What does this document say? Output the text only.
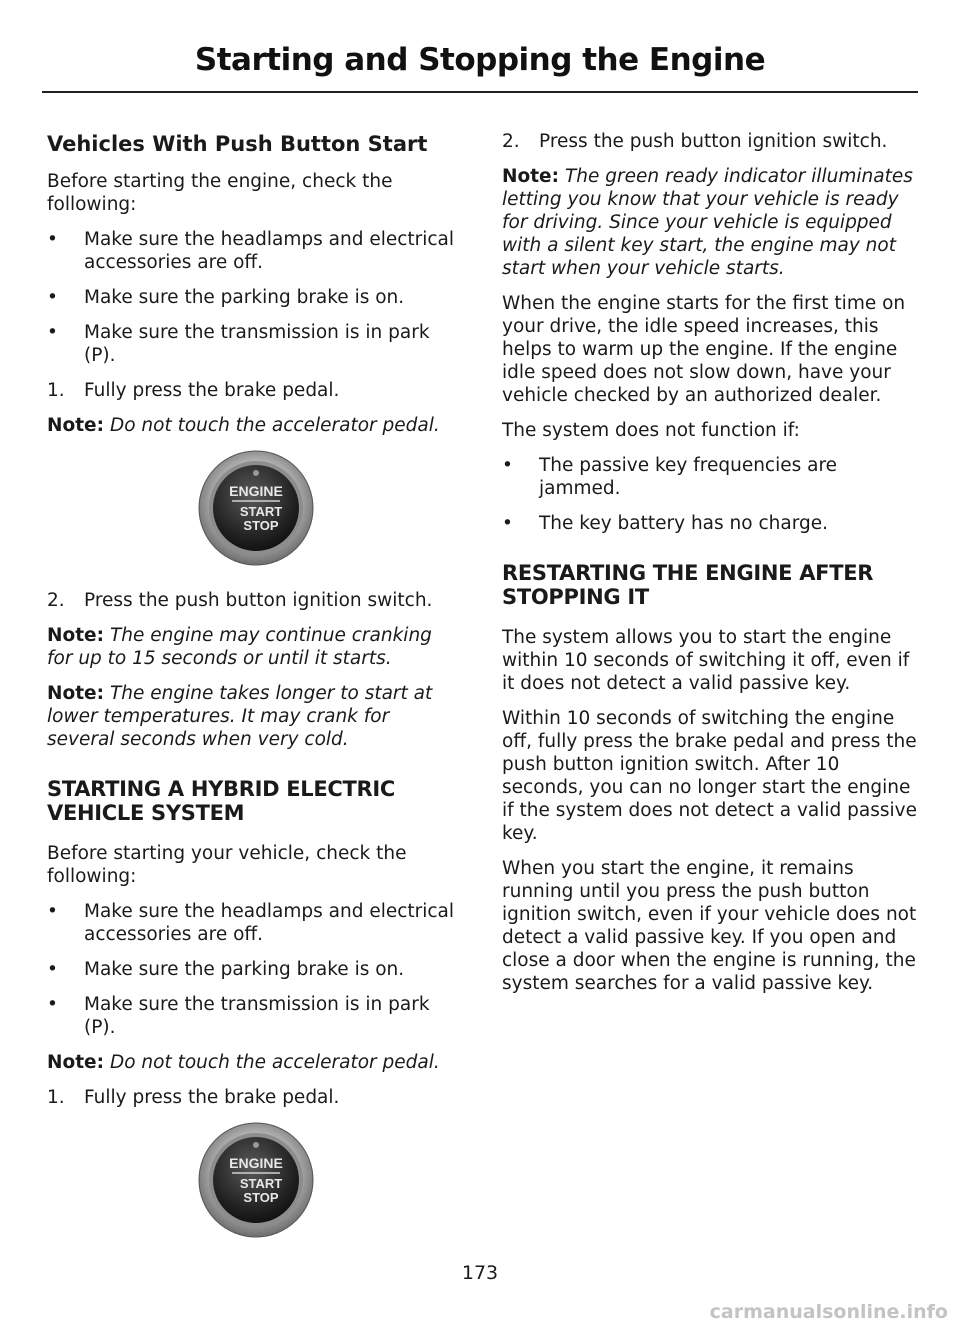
Starting and Stopping the Engine
Vehicles With Push Button Start

Before starting the engine, check the following:

• Make sure the headlamps and electrical accessories are off.
• Make sure the parking brake is on.
• Make sure the transmission is in park (P).
1. Fully press the brake pedal.

Note: Do not touch the accelerator pedal.

ENGINE
START
STOP
2. Press the push button ignition switch.

Note: The engine may continue cranking for up to 15 seconds or until it starts.

Note: The engine takes longer to start at lower temperatures. It may crank for several seconds when very cold.

STARTING A HYBRID ELECTRIC VEHICLE SYSTEM

Before starting your vehicle, check the following:

• Make sure the headlamps and electrical accessories are off.
• Make sure the parking brake is on.
• Make sure the transmission is in park (P).

Note: Do not touch the accelerator pedal.

1. Fully press the brake pedal.
ENGINE
START
STOP
2. Press the push button ignition switch.

Note: The green ready indicator illuminates letting you know that your vehicle is ready for driving. Since your vehicle is equipped with a silent key start, the engine may not start when your vehicle starts.

When the engine starts for the first time on your drive, the idle speed increases, this helps to warm up the engine. If the engine idle speed does not slow down, have your vehicle checked by an authorized dealer.

The system does not function if:

• The passive key frequencies are jammed.
• The key battery has no charge.
RESTARTING THE ENGINE AFTER STOPPING IT

The system allows you to start the engine within 10 seconds of switching it off, even if it does not detect a valid passive key.

Within 10 seconds of switching the engine off, fully press the brake pedal and press the push button ignition switch. After 10 seconds, you can no longer start the engine if the system does not detect a valid passive key.

When you start the engine, it remains running until you press the push button ignition switch, even if your vehicle does not detect a valid passive key. If you open and close a door when the engine is running, the system searches for a valid passive key.

173
carmanualsonline.info
